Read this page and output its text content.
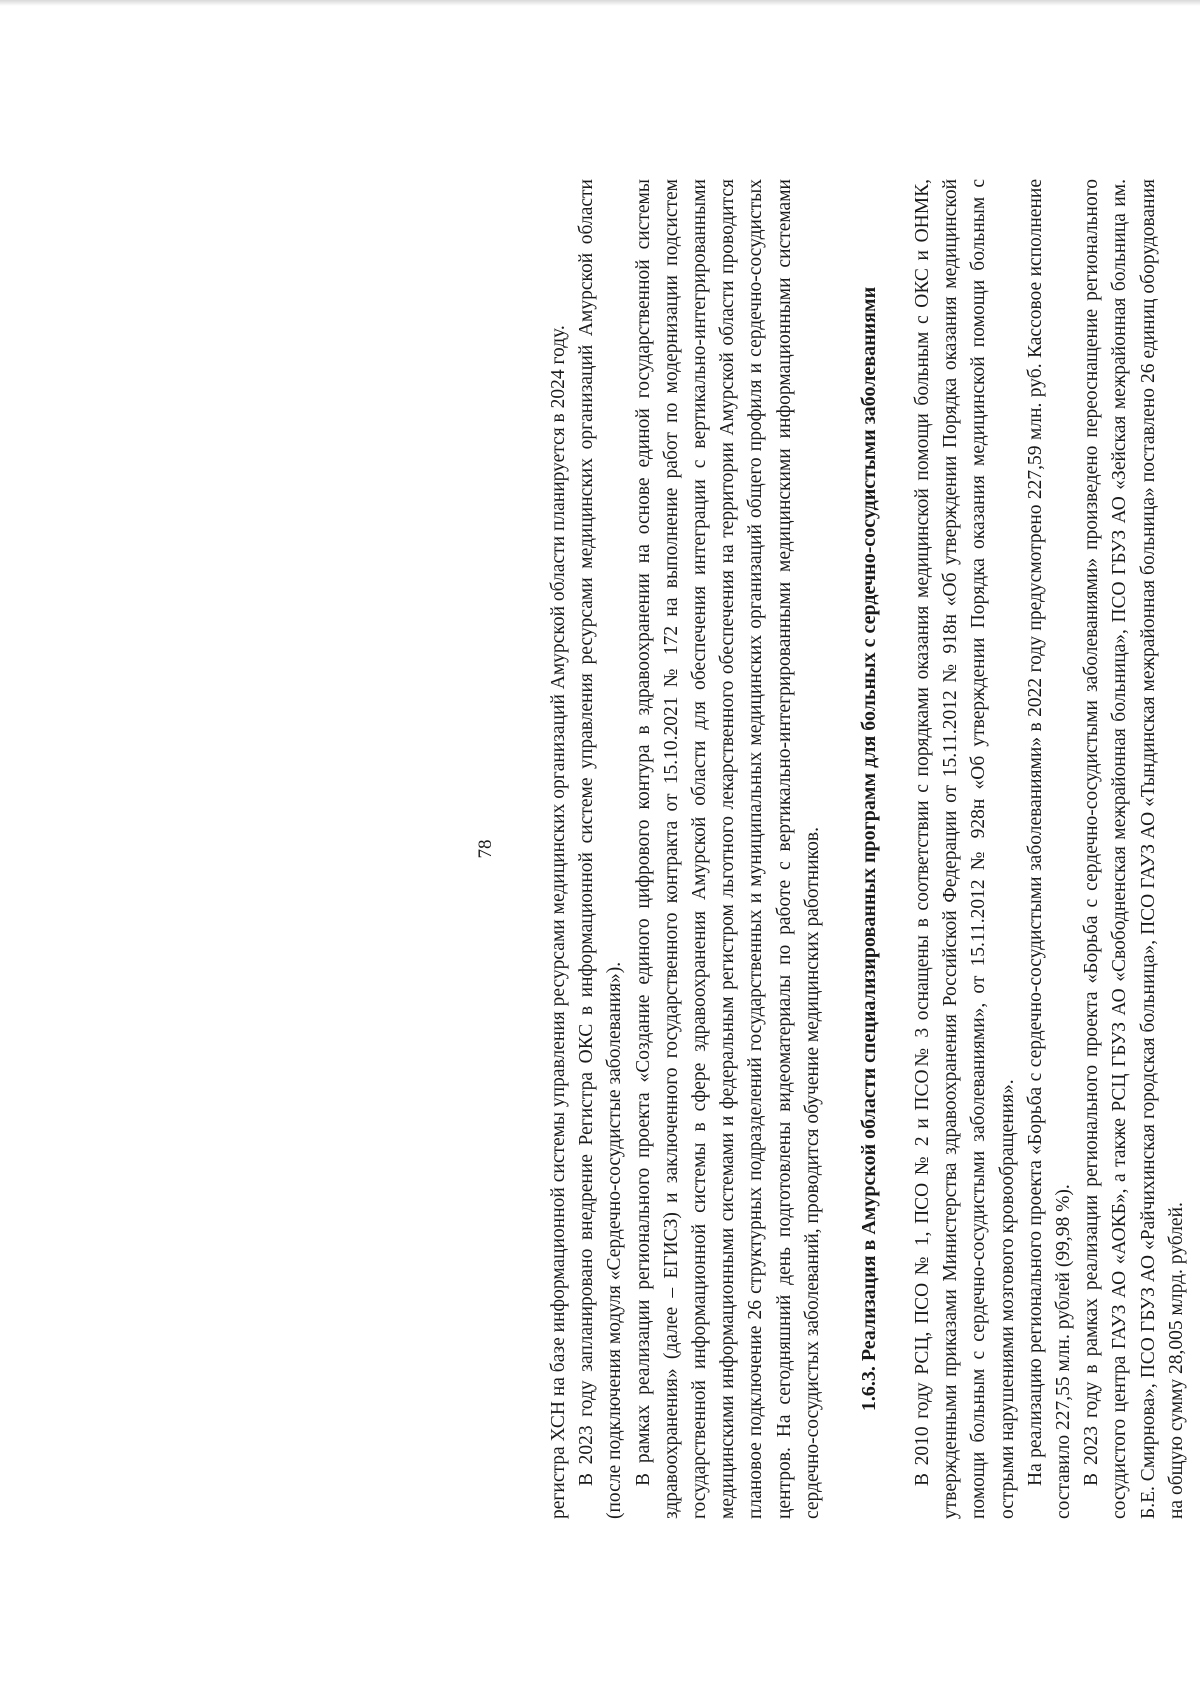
78	регистра ХСН на базе информационной системы управления ресурсами медицинских организаций Амурской области планируется в 2024 году. В 2023 году запланировано внедрение Регистра ОКС в информационной системе управления ресурсами медицинских организаций Амурской области (после подключения модуля «Сердечно-сосудистые заболевания»). В рамках реализации регионального проекта «Создание единого цифрового контура в здравоохранении на основе единой государственной системы здравоохранения» (далее – ЕГИСЗ) и заключенного государственного контракта от 15.10.2021 № 172 на выполнение работ по модернизации подсистем государственной информационной системы в сфере здравоохранения Амурской области для обеспечения интеграции с вертикально-интегрированными медицинскими информационными системами и федеральным регистром льготного лекарственного обеспечения на территории Амурской области проводится плановое подключение 26 структурных подразделений государственных и муниципальных медицинских организаций общего профиля и сердечно-сосудистых центров. На сегодняшний день подготовлены видеоматериалы по работе с вертикально-интегрированными медицинскими информационными системами сердечно-сосудистых заболеваний, проводится обучение медицинских работников. 1.6.3. Реализация в Амурской области специализированных программ для больных с сердечно-сосудистыми заболеваниями В 2010 году РСЦ, ПСО № 1, ПСО № 2 и ПСО№ 3 оснащены в соответствии с порядками оказания медицинской помощи больным с ОКС и ОНМК, утвержденными приказами Министерства здравоохранения Российской Федерации от 15.11.2012 № 918н «Об утверждении Порядка оказания медицинской помощи больным с сердечно-сосудистыми заболеваниями», от 15.11.2012 № 928н «Об утверждении Порядка оказания медицинской помощи больным с острыми нарушениями мозгового кровообращения». На реализацию регионального проекта «Борьба с сердечно-сосудистыми заболеваниями» в 2022 году предусмотрено 227,59 млн. руб. Кассовое исполнение составило 227,55 млн. рублей (99,98 %). В 2023 году в рамках реализации регионального проекта «Борьба с сердечно-сосудистыми заболеваниями» произведено переоснащение регионального сосудистого центра ГАУЗ АО «АОКБ», а также РСЦ ГБУЗ АО «Свободненская межрайонная больница», ПСО ГБУЗ АО «Зейская межрайонная больница им. Б.Е. Смирнова», ПСО ГБУЗ АО «Райчихинская городская больница», ПСО ГАУЗ АО «Тындинская межрайонная больница» поставлено 26 единиц оборудования на общую сумму 28,005 млрд. рублей.
